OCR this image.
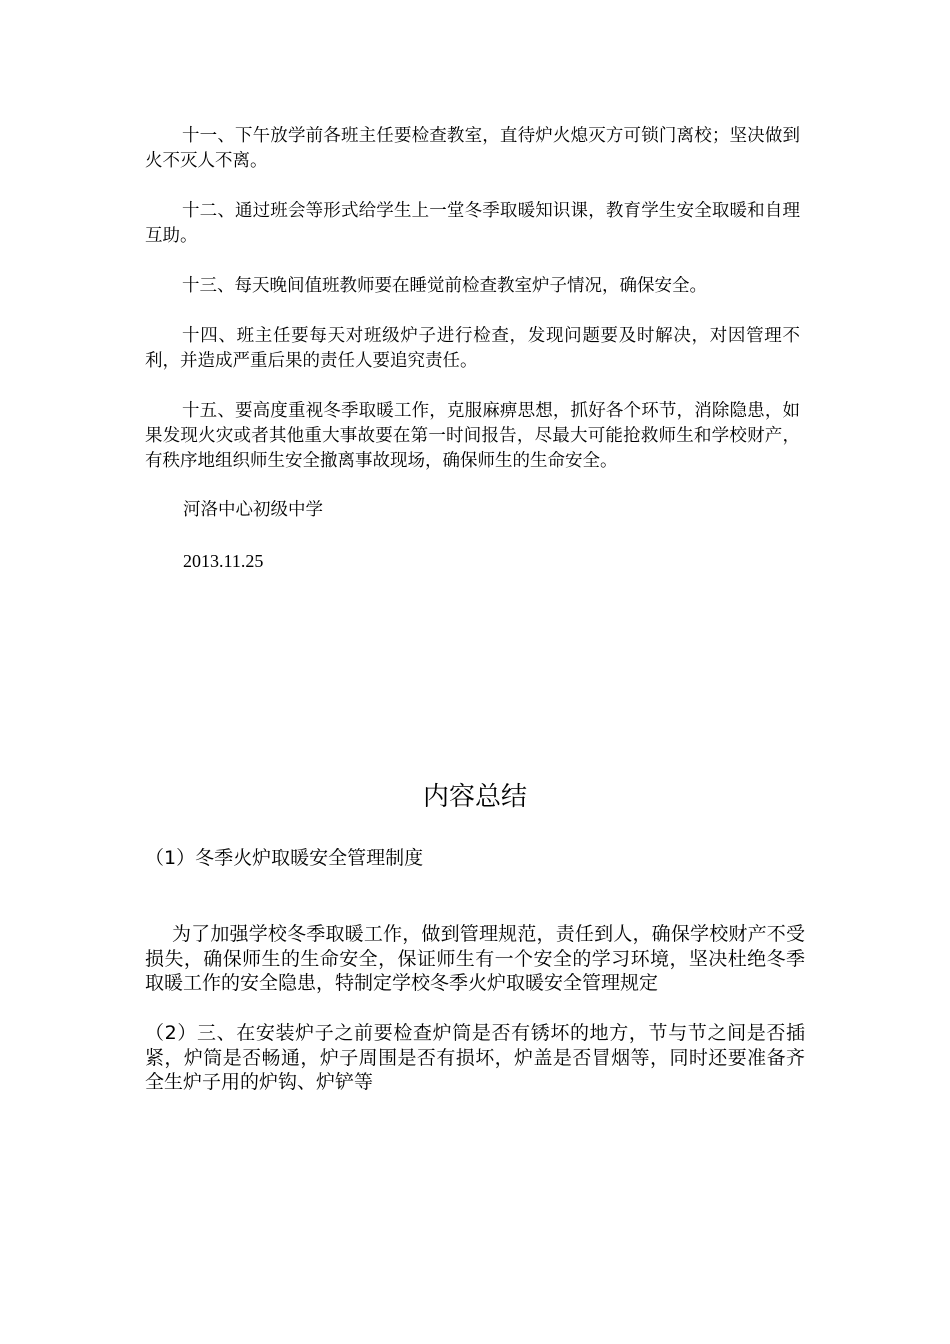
十一、下午放学前各班主任要检查教室，直待炉火熄灭方可锁门离校；坚决做到火不灭人不离。

十二、通过班会等形式给学生上一堂冬季取暖知识课，教育学生安全取暖和自理互助。

十三、每天晚间值班教师要在睡觉前检查教室炉子情况，确保安全。

十四、班主任要每天对班级炉子进行检查，发现问题要及时解决，对因管理不利，并造成严重后果的责任人要追究责任。

十五、要高度重视冬季取暖工作，克服麻痹思想，抓好各个环节，消除隐患，如果发现火灾或者其他重大事故要在第一时间报告，尽最大可能抢救师生和学校财产，有秩序地组织师生安全撤离事故现场，确保师生的生命安全。

河洛中心初级中学

2013.11.25

内容总结

（1）冬季火炉取暖安全管理制度

为了加强学校冬季取暖工作，做到管理规范，责任到人，确保学校财产不受损失，确保师生的生命安全，保证师生有一个安全的学习环境，坚决杜绝冬季取暖工作的安全隐患，特制定学校冬季火炉取暖安全管理规定

（2）三、在安装炉子之前要检查炉筒是否有锈坏的地方，节与节之间是否插紧，炉筒是否畅通，炉子周围是否有损坏，炉盖是否冒烟等，同时还要准备齐全生炉子用的炉钩、炉铲等
